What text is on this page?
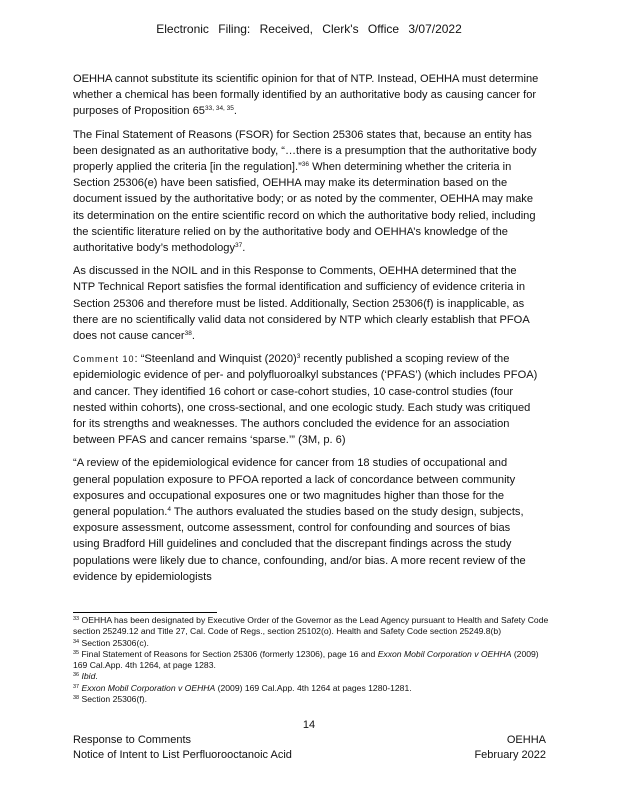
Electronic Filing: Received, Clerk's Office 3/07/2022

OEHHA cannot substitute its scientific opinion for that of NTP. Instead, OEHHA must determine whether a chemical has been formally identified by an authoritative body as causing cancer for purposes of Proposition 65$^{33, 34, 35}$.

The Final Statement of Reasons (FSOR) for Section 25306 states that, because an entity has been designated as an authoritative body, “…there is a presumption that the authoritative body properly applied the criteria [in the regulation].”$^{36}$ When determining whether the criteria in Section 25306(e) have been satisfied, OEHHA may make its determination based on the document issued by the authoritative body; or as noted by the commenter, OEHHA may make its determination on the entire scientific record on which the authoritative body relied, including the scientific literature relied on by the authoritative body and OEHHA’s knowledge of the authoritative body’s methodology$^{37}$.

As discussed in the NOIL and in this Response to Comments, OEHHA determined that the NTP Technical Report satisfies the formal identification and sufficiency of evidence criteria in Section 25306 and therefore must be listed. Additionally, Section 25306(f) is inapplicable, as there are no scientifically valid data not considered by NTP which clearly establish that PFOA does not cause cancer$^{38}$.

Comment 10: “Steenland and Winquist $(2020)^3$ recently published a scoping review of the epidemiologic evidence of per- and polyfluoroalkyl substances (‘PFAS’) (which includes PFOA) and cancer. They identified 16 cohort or case-cohort studies, 10 case-control studies (four nested within cohorts), one cross-sectional, and one ecologic study. Each study was critiqued for its strengths and weaknesses. The authors concluded the evidence for an association between PFAS and cancer remains ‘sparse.’” (3M, p. 6)

“A review of the epidemiological evidence for cancer from 18 studies of occupational and general population exposure to PFOA reported a lack of concordance between community exposures and occupational exposures one or two magnitudes higher than those for the general population.$^4$ The authors evaluated the studies based on the study design, subjects, exposure assessment, outcome assessment, control for confounding and sources of bias using Bradford Hill guidelines and concluded that the discrepant findings across the study populations were likely due to chance, confounding, and/or bias. A more recent review of the evidence by epidemiologists

$^{33}$ OEHHA has been designated by Executive Order of the Governor as the Lead Agency pursuant to Health and Safety Code section 25249.12 and Title 27, Cal. Code of Regs., section 25102(o). Health and Safety Code section 25249.8(b)
$^{34}$ Section 25306(c).
$^{35}$ Final Statement of Reasons for Section 25306 (formerly 12306), page 16 and Exxon Mobil Corporation v OEHHA (2009) 169 Cal.App. 4th 1264, at page 1283.
$^{36}$ Ibid.
$^{37}$ Exxon Mobil Corporation v OEHHA (2009) 169 Cal.App. 4th 1264 at pages 1280-1281.
$^{38}$ Section 25306(f).
14
Response to Comments
Notice of Intent to List Perfluorooctanoic Acid
OEHHA
February 2022
